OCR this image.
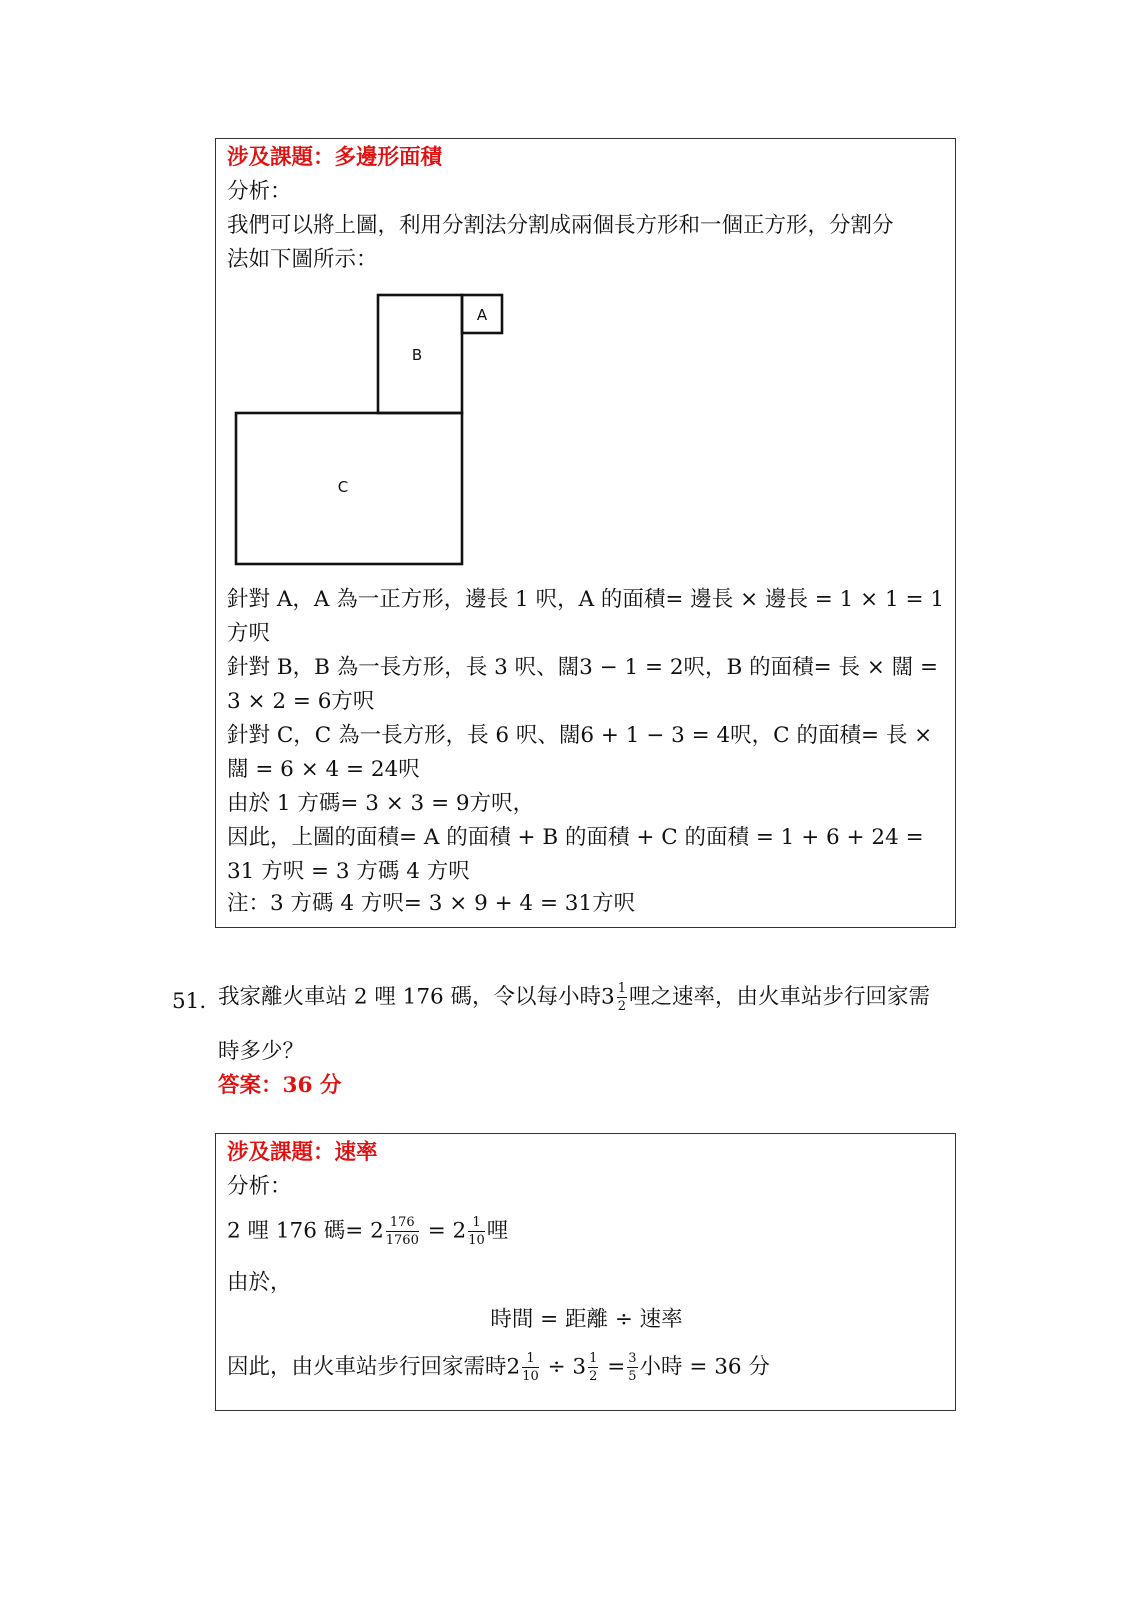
涉及課題：多邊形面積
分析：
我們可以將上圖，利用分割法分割成兩個長方形和一個正方形，分割分
法如下圖所示：
A
B
C
針對 A，A 為一正方形，邊長 1 呎，A 的面積= 邊長 × 邊長 = 1 × 1 = 1
方呎
針對 B，B 為一長方形，長 3 呎、闊3 − 1 = 2呎，B 的面積= 長 × 闊 =
3 × 2 = 6方呎
針對 C，C 為一長方形，長 6 呎、闊6 + 1 − 3 = 4呎，C 的面積= 長 ×
闊 = 6 × 4 = 24呎
由於 1 方碼= 3 × 3 = 9方呎，
因此，上圖的面積= A 的面積 + B 的面積 + C 的面積 = 1 + 6 + 24 =
31 方呎 = 3 方碼 4 方呎
注：3 方碼 4 方呎= 3 × 9 + 4 = 31方呎
51. 我家離火車站 2 哩 176 碼，令以每小時$3 \frac{1}{2}$ 哩之速率，由火車站步行回家需
時多少？
答案：36 分
涉及課題：速率
分析：
2 哩 176 碼= $2 \frac{176}{1760} = 2 \frac{1}{10}$ 哩
由於，
時間 = 距離 ÷ 速率
因此，由火車站步行回家需時$2 \frac{1}{10} \div 3 \frac{1}{2} = \frac{3}{5}$ 小時 = 36 分
